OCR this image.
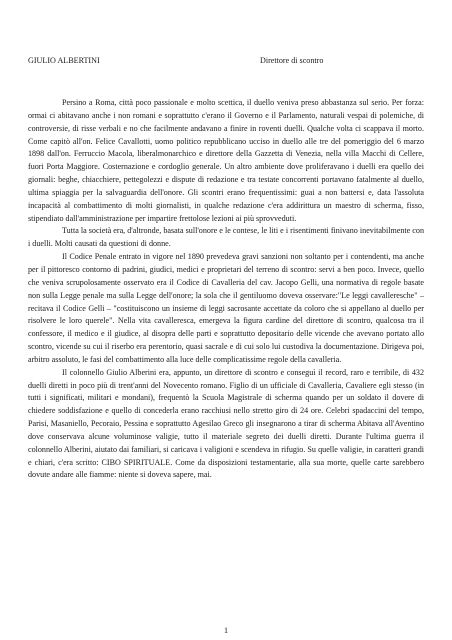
GIULIO ALBERTINI	Direttore di scontro

Persino a Roma, città poco passionale e molto scettica, il duello veniva preso abbastanza sul serio. Per forza: ormai ci abitavano anche i non romani e soprattutto c'erano il Governo e il Parlamento, naturali vespai di polemiche, di controversie, di risse verbali e no che facilmente andavano a finire in roventi duelli. Qualche volta ci scappava il morto. Come capitò all'on. Felice Cavallotti, uomo politico repubblicano ucciso in duello alle tre del pomeriggio del 6 marzo 1898 dall'on. Ferruccio Macola, liberalmonarchico e direttore della Gazzetta di Venezia, nella villa Macchi di Cellere, fuori Porta Maggiore. Costernazione e cordoglio generale. Un altro ambiente dove proliferavano i duelli era quello dei giornali: beghe, chiacchiere, pettegolezzi e dispute di redazione e tra testate concorrenti portavano fatalmente al duello, ultima spiaggia per la salvaguardia dell'onore. Gli scontri erano frequentissimi: guai a non battersi e, data l'assoluta incapacità al combattimento di molti giornalisti, in qualche redazione c'era addirittura un maestro di scherma, fisso, stipendiato dall'amministrazione per impartire frettolose lezioni ai più sprovveduti.

Tutta la società era, d'altronde, basata sull'onore e le contese, le liti e i risentimenti finivano inevitabilmente con i duelli. Molti causati da questioni di donne.

Il Codice Penale entrato in vigore nel 1890 prevedeva gravi sanzioni non soltanto per i contendenti, ma anche per il pittoresco contorno di padrini, giudici, medici e proprietari del terreno di scontro: servi a ben poco. Invece, quello che veniva scrupolosamente osservato era il Codice di Cavalleria del cav. Jacopo Gelli, una normativa di regole basate non sulla Legge penale ma sulla Legge dell'onore; la sola che il gentiluomo doveva osservare:"Le leggi cavalleresche" – recitava il Codice Gelli – "costituiscono un insieme di leggi sacrosante accettate da coloro che si appellano al duello per risolvere le loro querele". Nella vita cavalleresca, emergeva la figura cardine del direttore di scontro, qualcosa tra il confessore, il medico e il giudice, al disopra delle parti e soprattutto depositario delle vicende che avevano portato allo scontro, vicende su cui il riserbo era perentorio, quasi sacrale e di cui solo lui custodiva la documentazione. Dirigeva poi, arbitro assoluto, le fasi del combattimento alla luce delle complicatissime regole della cavalleria.

Il colonnello Giulio Alberini era, appunto, un direttore di scontro e conseguì il record, raro e terribile, di 432 duelli diretti in poco più di trent'anni del Novecento romano. Figlio di un ufficiale di Cavalleria, Cavaliere egli stesso (in tutti i significati, militari e mondani), frequentò la Scuola Magistrale di scherma quando per un soldato il dovere di chiedere soddisfazione e quello di concederla erano racchiusi nello stretto giro di 24 ore. Celebri spadaccini del tempo, Parisi, Masaniello, Pecoraio, Pessina e soprattutto Agesilao Greco gli insegnarono a tirar di scherma Abitava all'Aventino dove conservava alcune voluminose valigie, tutto il materiale segreto dei duelli diretti. Durante l'ultima guerra il colonnello Alberini, aiutato dai familiari, si caricava i valigioni e scendeva in rifugio. Su quelle valigie, in caratteri grandi e chiari, c'era scritto: CIBO SPIRITUALE. Come da disposizioni testamentarie, alla sua morte, quelle carte sarebbero dovute andare alle fiamme: niente si doveva sapere, mai.

1
